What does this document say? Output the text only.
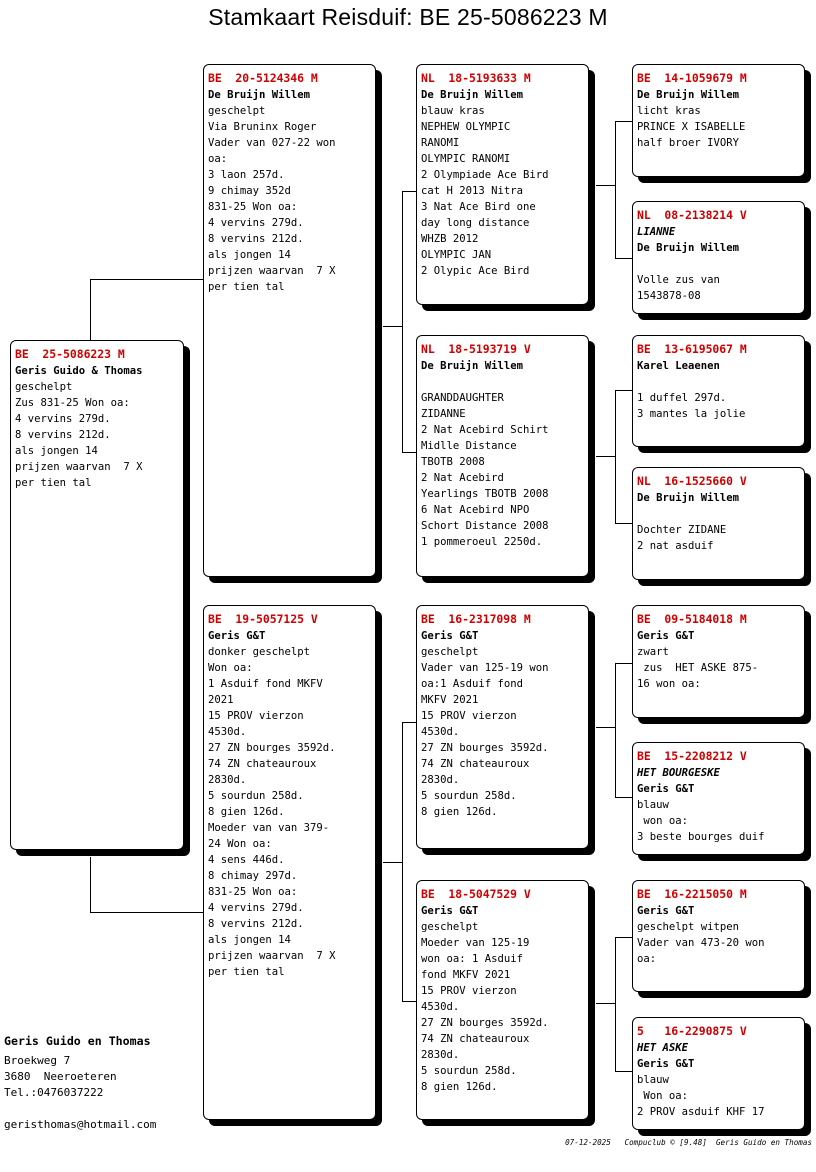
Stamkaart Reisduif: BE 25-5086223 M
BE  25-5086223 M
Geris Guido & Thomas
geschelpt
Zus 831-25 Won oa:
4 vervins 279d.
8 vervins 212d.
als jongen 14
prijzen waarvan  7 X
per tien tal
BE  20-5124346 M
De Bruijn Willem
geschelpt
Via Bruninx Roger
Vader van 027-22 won
oa:
3 laon 257d.
9 chimay 352d
831-25 Won oa:
4 vervins 279d.
8 vervins 212d.
als jongen 14
prijzen waarvan  7 X
per tien tal
BE  19-5057125 V
Geris G&T
donker geschelpt
Won oa:
1 Asduif fond MKFV
2021
15 PROV vierzon
4530d.
27 ZN bourges 3592d.
74 ZN chateauroux
2830d.
5 sourdun 258d.
8 gien 126d.
Moeder van van 379-
24 Won oa:
4 sens 446d.
8 chimay 297d.
831-25 Won oa:
4 vervins 279d.
8 vervins 212d.
als jongen 14
prijzen waarvan  7 X
per tien tal
NL  18-5193633 M
De Bruijn Willem
blauw kras
NEPHEW OLYMPIC
RANOMI
OLYMPIC RANOMI
2 Olympiade Ace Bird
cat H 2013 Nitra
3 Nat Ace Bird one
day long distance
WHZB 2012
OLYMPIC JAN
2 Olypic Ace Bird
NL  18-5193719 V
De Bruijn Willem
GRANDDAUGHTER
ZIDANNE
2 Nat Acebird Schirt
Midlle Distance
TBOTB 2008
2 Nat Acebird
Yearlings TBOTB 2008
6 Nat Acebird NPO
Schort Distance 2008
1 pommeroeul 2250d.
BE  16-2317098 M
Geris G&T
geschelpt
Vader van 125-19 won
oa:1 Asduif fond
MKFV 2021
15 PROV vierzon
4530d.
27 ZN bourges 3592d.
74 ZN chateauroux
2830d.
5 sourdun 258d.
8 gien 126d.
BE  18-5047529 V
Geris G&T
geschelpt
Moeder van 125-19
won oa: 1 Asduif
fond MKFV 2021
15 PROV vierzon
4530d.
27 ZN bourges 3592d.
74 ZN chateauroux
2830d.
5 sourdun 258d.
8 gien 126d.
BE  14-1059679 M
De Bruijn Willem
licht kras
PRINCE X ISABELLE
half broer IVORY
NL  08-2138214 V
LIANNE
De Bruijn Willem
Volle zus van
1543878-08
BE  13-6195067 M
Karel Leaenen
1 duffel 297d.
3 mantes la jolie
NL  16-1525660 V
De Bruijn Willem
Dochter ZIDANE
2 nat asduif
BE  09-5184018 M
Geris G&T
zwart
zus  HET ASKE 875-
16 won oa:
BE  15-2208212 V
HET BOURGESKE
Geris G&T
blauw
won oa:
3 beste bourges duif
BE  16-2215050 M
Geris G&T
geschelpt witpen
Vader van 473-20 won
oa:
5   16-2290875 V
HET ASKE
Geris G&T
blauw
Won oa:
2 PROV asduif KHF 17
Geris Guido en Thomas
Broekweg 7
3680  Neeroeteren
Tel.:0476037222
geristhomas@hotmail.com
07-12-2025   Compuclub © [9.48]  Geris Guido en Thomas
